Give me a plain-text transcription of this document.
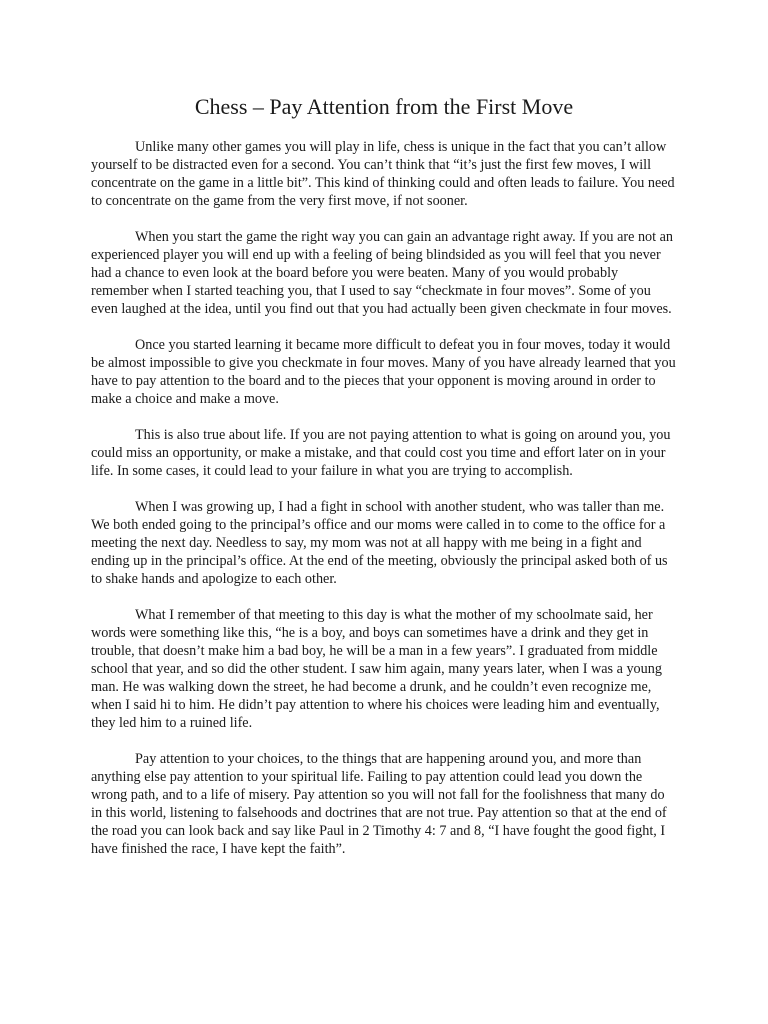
Chess – Pay Attention from the First Move

Unlike many other games you will play in life, chess is unique in the fact that you can’t allow yourself to be distracted even for a second. You can’t think that “it’s just the first few moves, I will concentrate on the game in a little bit”. This kind of thinking could and often leads to failure. You need to concentrate on the game from the very first move, if not sooner.

When you start the game the right way you can gain an advantage right away. If you are not an experienced player you will end up with a feeling of being blindsided as you will feel that you never had a chance to even look at the board before you were beaten. Many of you would probably remember when I started teaching you, that I used to say “checkmate in four moves”. Some of you even laughed at the idea, until you find out that you had actually been given checkmate in four moves.

Once you started learning it became more difficult to defeat you in four moves, today it would be almost impossible to give you checkmate in four moves. Many of you have already learned that you have to pay attention to the board and to the pieces that your opponent is moving around in order to make a choice and make a move.

This is also true about life. If you are not paying attention to what is going on around you, you could miss an opportunity, or make a mistake, and that could cost you time and effort later on in your life. In some cases, it could lead to your failure in what you are trying to accomplish.

When I was growing up, I had a fight in school with another student, who was taller than me. We both ended going to the principal’s office and our moms were called in to come to the office for a meeting the next day. Needless to say, my mom was not at all happy with me being in a fight and ending up in the principal’s office. At the end of the meeting, obviously the principal asked both of us to shake hands and apologize to each other.

What I remember of that meeting to this day is what the mother of my schoolmate said, her words were something like this, “he is a boy, and boys can sometimes have a drink and they get in trouble, that doesn’t make him a bad boy, he will be a man in a few years”. I graduated from middle school that year, and so did the other student. I saw him again, many years later, when I was a young man. He was walking down the street, he had become a drunk, and he couldn’t even recognize me, when I said hi to him. He didn’t pay attention to where his choices were leading him and eventually, they led him to a ruined life.

Pay attention to your choices, to the things that are happening around you, and more than anything else pay attention to your spiritual life. Failing to pay attention could lead you down the wrong path, and to a life of misery. Pay attention so you will not fall for the foolishness that many do in this world, listening to falsehoods and doctrines that are not true. Pay attention so that at the end of the road you can look back and say like Paul in 2 Timothy 4: 7 and 8, “I have fought the good fight, I have finished the race, I have kept the faith”.
